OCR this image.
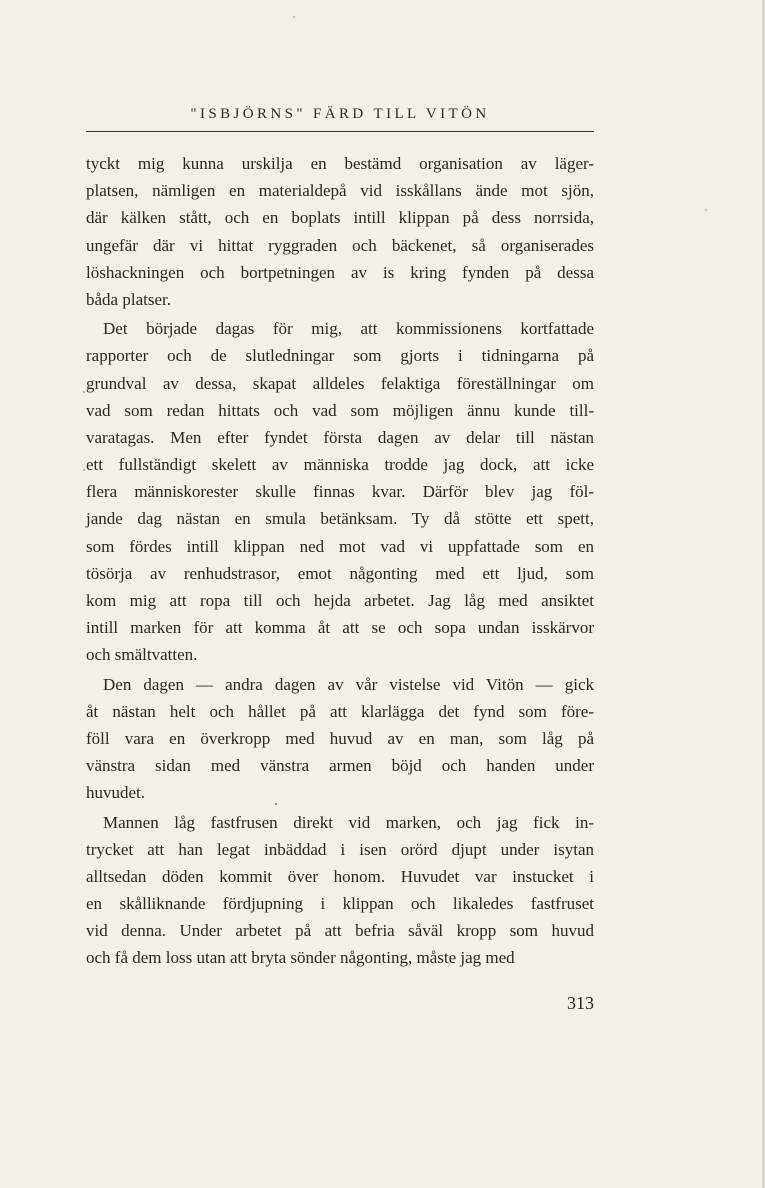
"ISBJÖRNS" FÄRD TILL VITÖN
tyckt mig kunna urskilja en bestämd organisation av läger-
platsen, nämligen en materialdepå vid isskållans ände mot sjön,
där kälken stått, och en boplats intill klippan på dess norrsida,
ungefär där vi hittat ryggraden och bäckenet, så organiserades
löshackningen och bortpetningen av is kring fynden på dessa
båda platser.
Det började dagas för mig, att kommissionens kortfattade
rapporter och de slutledningar som gjorts i tidningarna på
grundval av dessa, skapat alldeles felaktiga föreställningar om
vad som redan hittats och vad som möjligen ännu kunde till-
varatagas. Men efter fyndet första dagen av delar till nästan
ett fullständigt skelett av människa trodde jag dock, att icke
flera människorester skulle finnas kvar. Därför blev jag föl-
jande dag nästan en smula betänksam. Ty då stötte ett spett,
som fördes intill klippan ned mot vad vi uppfattade som en
tösörja av renhudstrasor, emot någonting med ett ljud, som
kom mig att ropa till och hejda arbetet. Jag låg med ansiktet
intill marken för att komma åt att se och sopa undan isskärvor
och smältvatten.
Den dagen — andra dagen av vår vistelse vid Vitön — gick
åt nästan helt och hållet på att klarlägga det fynd som före-
föll vara en överkropp med huvud av en man, som låg på
vänstra sidan med vänstra armen böjd och handen under
huvudet.
Mannen låg fastfrusen direkt vid marken, och jag fick in-
trycket att han legat inbäddad i isen orörd djupt under isytan
alltsedan döden kommit över honom. Huvudet var instucket i
en skålliknande fördjupning i klippan och likaledes fastfruset
vid denna. Under arbetet på att befria såväl kropp som huvud
och få dem loss utan att bryta sönder någonting, måste jag med
313
